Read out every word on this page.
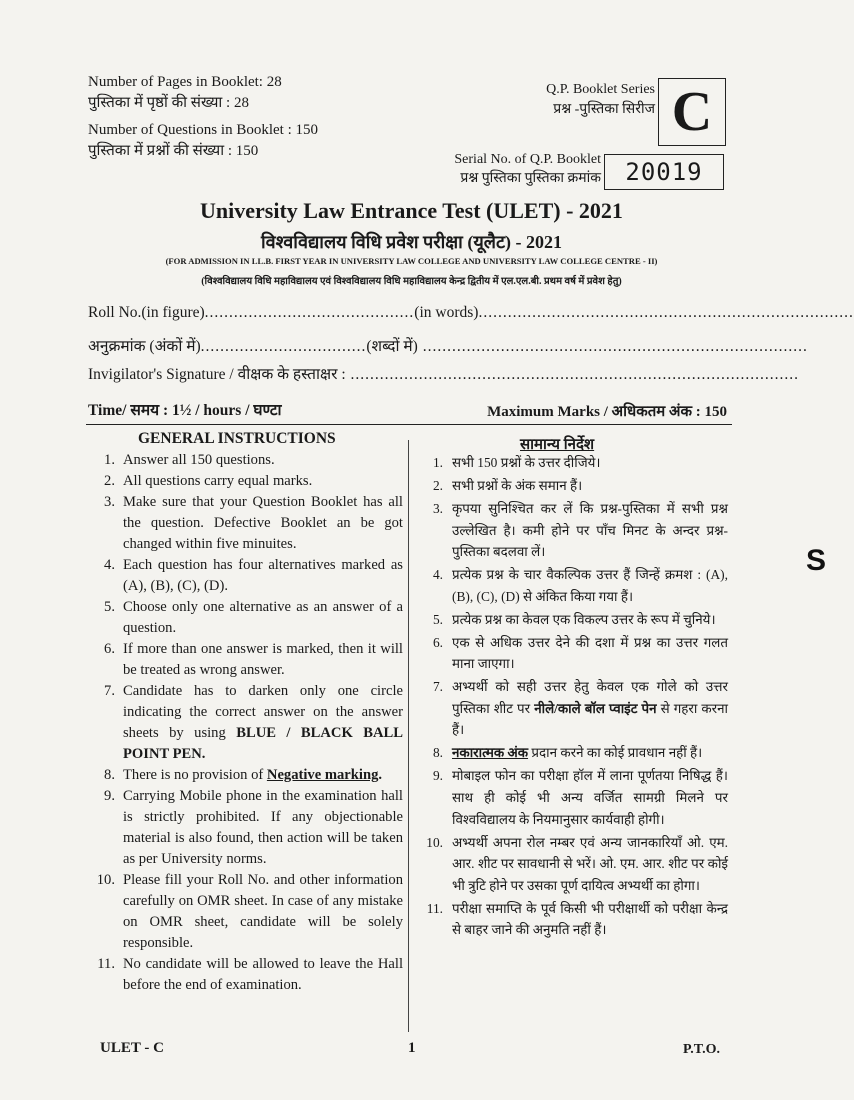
Number of Pages in Booklet: 28
पुस्तिका में पृष्ठों की संख्या : 28
Number of Questions in Booklet : 150
पुस्तिका में प्रश्नों की संख्या : 150
Q.P. Booklet Series
प्रश्न -पुस्तिका सिरीज C
Serial No. of Q.P. Booklet
प्रश्न पुस्तिका पुस्तिका क्रमांक	20019
University Law Entrance Test (ULET) - 2021
विश्वविद्यालय विधि प्रवेश परीक्षा (यूलैट) - 2021
(FOR ADMISSION IN LL.B. FIRST YEAR IN UNIVERSITY LAW COLLEGE AND UNIVERSITY LAW COLLEGE CENTRE - II)
(विश्वविद्यालय विधि महाविद्यालय एवं विश्वविद्यालय विधि महाविद्यालय केन्द्र द्वितीय में एल.एल.बी. प्रथम वर्ष में प्रवेश हेतु)
Roll No.(in figure)...........................................(in words).............................................................................
अनुक्रमांक (अंकों में)..................................(शब्दों में) ...............................................................................
Invigilator's Signature / वीक्षक के हस्ताक्षर : ............................................................................................
Time/ समय : 1½ / hours / घण्टा	Maximum Marks / अधिकतम अंक : 150
GENERAL INSTRUCTIONS	सामान्य निर्देश
1. Answer all 150 questions.
2. All questions carry equal marks.
3. Make sure that your Question Booklet has all the question. Defective Booklet an be got changed within five minuites.
4. Each question has four alternatives marked as (A), (B), (C), (D).
5. Choose only one alternative as an answer of a question.
6. If more than one answer is marked, then it will be treated as wrong answer.
7. Candidate has to darken only one circle indicating the correct answer on the answer sheets by using BLUE / BLACK BALL POINT PEN.
8. There is no provision of Negative marking.
9. Carrying Mobile phone in the examination hall is strictly prohibited. If any objectionable material is also found, then action will be taken as per University norms.
10. Please fill your Roll No. and other information carefully on OMR sheet. In case of any mistake on OMR sheet, candidate will be solely responsible.
11. No candidate will be allowed to leave the Hall before the end of examination.
1. सभी 150 प्रश्नों के उत्तर दीजिये।
2. सभी प्रश्नों के अंक समान हैं।
3. कृपया सुनिश्चित कर लें कि प्रश्न-पुस्तिका में सभी प्रश्न उल्लेखित है। कमी होने पर पाँच मिनट के अन्दर प्रश्न-पुस्तिका बदलवा लें।
4. प्रत्येक प्रश्न के चार वैकल्पिक उत्तर हैं जिन्हें क्रमश : (A), (B), (C), (D) से अंकित किया गया हैं।
5. प्रत्येक प्रश्न का केवल एक विकल्प उत्तर के रूप में चुनिये।
6. एक से अधिक उत्तर देने की दशा में प्रश्न का उत्तर गलत माना जाएगा।
7. अभ्यर्थी को सही उत्तर हेतु केवल एक गोले को उत्तर पुस्तिका शीट पर नीले/काले बॉल प्वाइंट पेन से गहरा करना हैं।
8. नकारात्मक अंक प्रदान करने का कोई प्रावधान नहीं हैं।
9. मोबाइल फोन का परीक्षा हॉल में लाना पूर्णतया निषिद्ध हैं। साथ ही कोई भी अन्य वर्जित सामग्री मिलने पर विश्वविद्यालय के नियमानुसार कार्यवाही होगी।
10. अभ्यर्थी अपना रोल नम्बर एवं अन्य जानकारियाँ ओ. एम. आर. शीट पर सावधानी से भरें। ओ. एम. आर. शीट पर कोई भी त्रुटि होने पर उसका पूर्ण दायित्व अभ्यर्थी का होगा।
11. परीक्षा समाप्ति के पूर्व किसी भी परीक्षार्थी को परीक्षा केन्द्र से बाहर जाने की अनुमति नहीं हैं।
ULET - C	1	P.T.O.
S
